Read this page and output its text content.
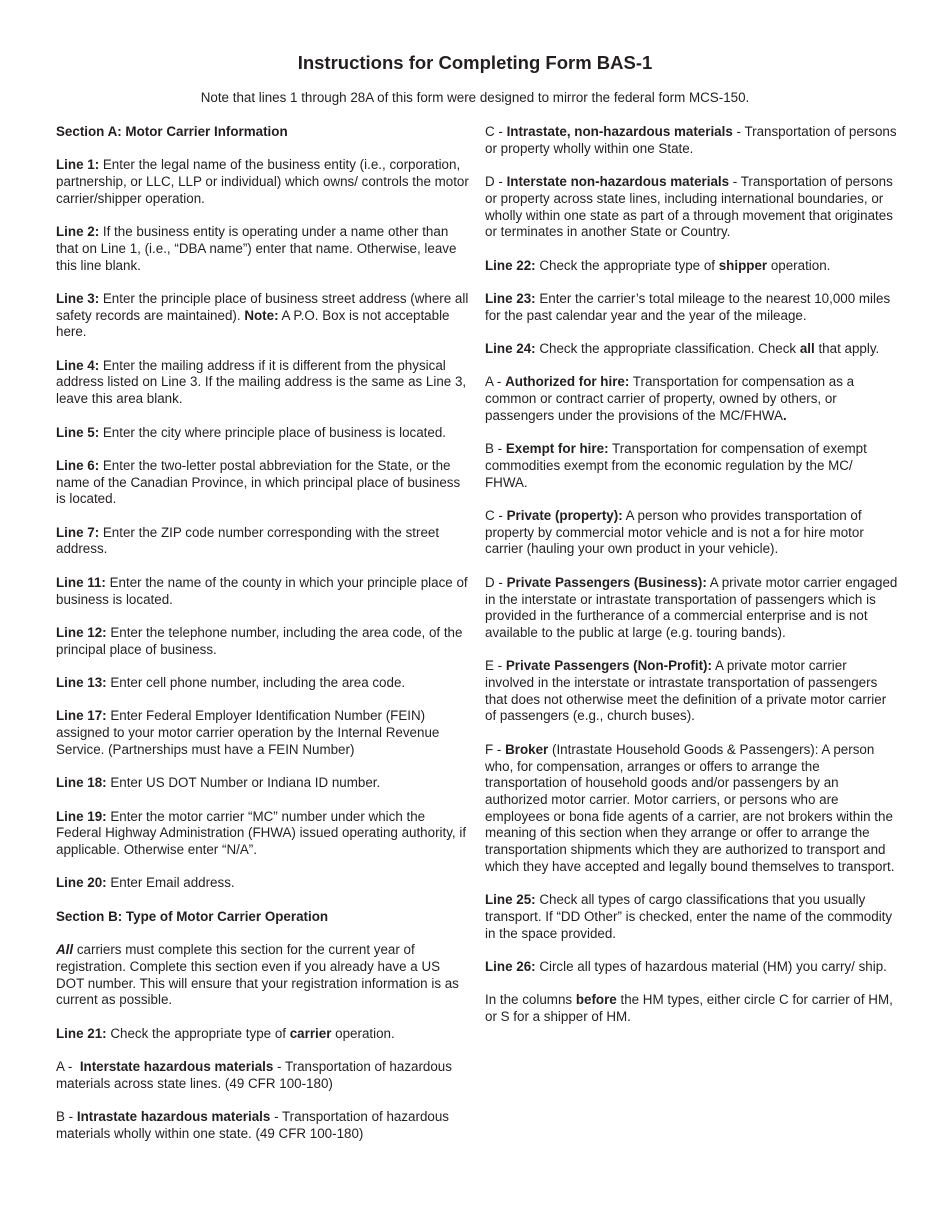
Instructions for Completing Form BAS-1
Note that lines 1 through 28A of this form were designed to mirror the federal form MCS-150.

Section A: Motor Carrier Information

Line 1: Enter the legal name of the business entity (i.e., corporation, partnership, or LLC, LLP or individual) which owns/ controls the motor carrier/shipper operation.

Line 2: If the business entity is operating under a name other than that on Line 1, (i.e., “DBA name”) enter that name. Otherwise, leave this line blank.

Line 3: Enter the principle place of business street address (where all safety records are maintained). Note: A P.O. Box is not acceptable here.

Line 4: Enter the mailing address if it is different from the physical address listed on Line 3. If the mailing address is the same as Line 3, leave this area blank.

Line 5: Enter the city where principle place of business is located.

Line 6: Enter the two-letter postal abbreviation for the State, or the name of the Canadian Province, in which principal place of business is located.

Line 7: Enter the ZIP code number corresponding with the street address.

Line 11: Enter the name of the county in which your principle place of business is located.

Line 12: Enter the telephone number, including the area code, of the principal place of business.

Line 13: Enter cell phone number, including the area code.

Line 17: Enter Federal Employer Identification Number (FEIN) assigned to your motor carrier operation by the Internal Revenue Service. (Partnerships must have a FEIN Number)

Line 18: Enter US DOT Number or Indiana ID number.

Line 19: Enter the motor carrier “MC” number under which the Federal Highway Administration (FHWA) issued operating authority, if applicable. Otherwise enter “N/A”.

Line 20: Enter Email address.

Section B: Type of Motor Carrier Operation

All carriers must complete this section for the current year of registration. Complete this section even if you already have a US DOT number. This will ensure that your registration information is as current as possible.

Line 21: Check the appropriate type of carrier operation.

A -  Interstate hazardous materials - Transportation of hazardous materials across state lines. (49 CFR 100-180)

B - Intrastate hazardous materials - Transportation of hazardous materials wholly within one state. (49 CFR 100-180)

C - Intrastate, non-hazardous materials - Transportation of persons or property wholly within one State.

D - Interstate non-hazardous materials - Transportation of persons or property across state lines, including international boundaries, or wholly within one state as part of a through movement that originates or terminates in another State or Country.

Line 22: Check the appropriate type of shipper operation.

Line 23: Enter the carrier’s total mileage to the nearest 10,000 miles for the past calendar year and the year of the mileage.

Line 24: Check the appropriate classification. Check all that apply.

A - Authorized for hire: Transportation for compensation as a common or contract carrier of property, owned by others, or passengers under the provisions of the MC/FHWA.

B - Exempt for hire: Transportation for compensation of exempt commodities exempt from the economic regulation by the MC/ FHWA.

C - Private (property): A person who provides transportation of property by commercial motor vehicle and is not a for hire motor carrier (hauling your own product in your vehicle).

D - Private Passengers (Business): A private motor carrier engaged in the interstate or intrastate transportation of passengers which is provided in the furtherance of a commercial enterprise and is not available to the public at large (e.g. touring bands).

E - Private Passengers (Non-Profit): A private motor carrier involved in the interstate or intrastate transportation of passengers that does not otherwise meet the definition of a private motor carrier of passengers (e.g., church buses).

F - Broker (Intrastate Household Goods & Passengers): A person who, for compensation, arranges or offers to arrange the transportation of household goods and/or passengers by an authorized motor carrier. Motor carriers, or persons who are employees or bona fide agents of a carrier, are not brokers within the meaning of this section when they arrange or offer to arrange the transportation shipments which they are authorized to transport and which they have accepted and legally bound themselves to transport.

Line 25: Check all types of cargo classifications that you usually transport. If “DD Other” is checked, enter the name of the commodity in the space provided.

Line 26: Circle all types of hazardous material (HM) you carry/ ship.

In the columns before the HM types, either circle C for carrier of HM, or S for a shipper of HM.
